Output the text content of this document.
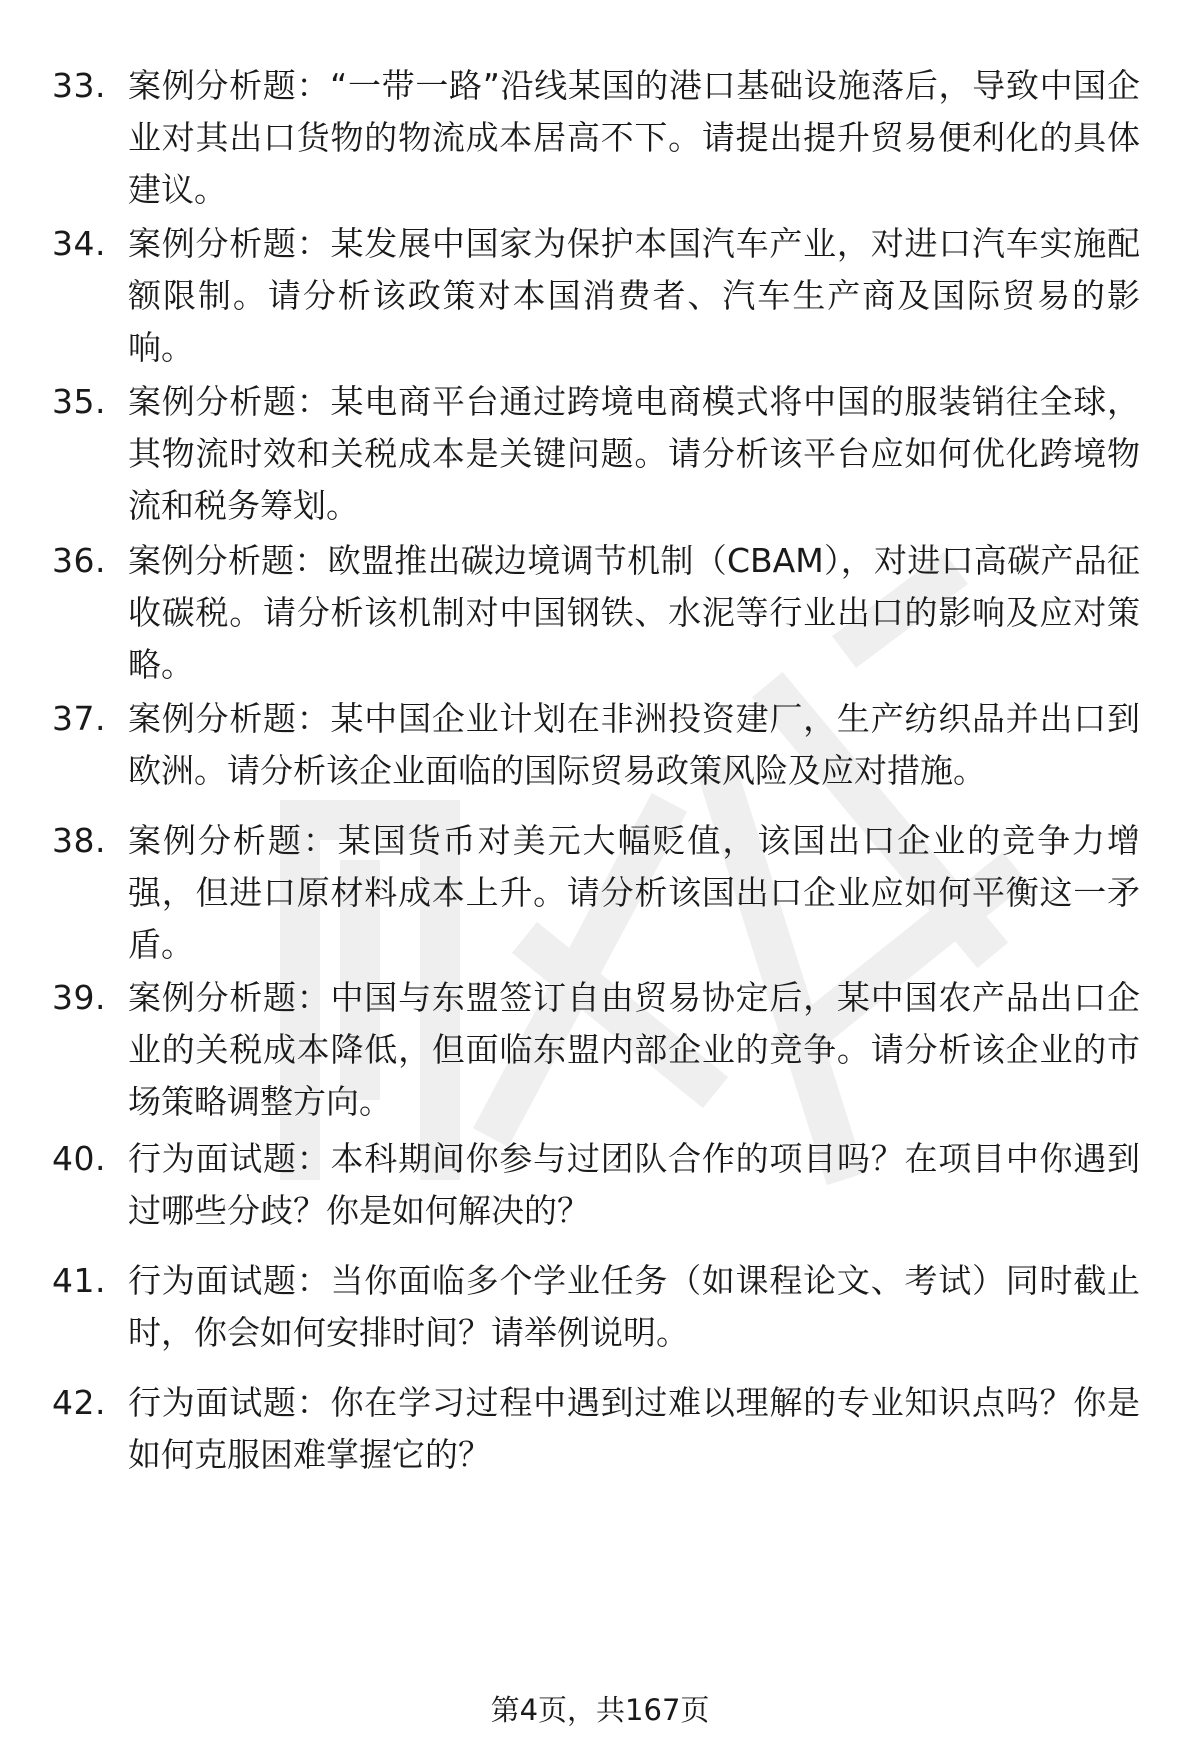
33. 案例分析题：“一带一路”沿线某国的港口基础设施落后，导致中国企业对其出口货物的物流成本居高不下。请提出提升贸易便利化的具体建议。
34. 案例分析题：某发展中国家为保护本国汽车产业，对进口汽车实施配额限制。请分析该政策对本国消费者、汽车生产商及国际贸易的影响。
35. 案例分析题：某电商平台通过跨境电商模式将中国的服装销往全球，其物流时效和关税成本是关键问题。请分析该平台应如何优化跨境物流和税务筹划。
36. 案例分析题：欧盟推出碳边境调节机制（CBAM），对进口高碳产品征收碳税。请分析该机制对中国钢铁、水泥等行业出口的影响及应对策略。
37. 案例分析题：某中国企业计划在非洲投资建厂，生产纺织品并出口到欧洲。请分析该企业面临的国际贸易政策风险及应对措施。
38. 案例分析题：某国货币对美元大幅贬值，该国出口企业的竞争力增强，但进口原材料成本上升。请分析该国出口企业应如何平衡这一矛盾。
39. 案例分析题：中国与东盟签订自由贸易协定后，某中国农产品出口企业的关税成本降低，但面临东盟内部企业的竞争。请分析该企业的市场策略调整方向。
40. 行为面试题：本科期间你参与过团队合作的项目吗？在项目中你遇到过哪些分歧？你是如何解决的？
41. 行为面试题：当你面临多个学业任务（如课程论文、考试）同时截止时，你会如何安排时间？请举例说明。
42. 行为面试题：你在学习过程中遇到过难以理解的专业知识点吗？你是如何克服困难掌握它的？
第4页，共167页
